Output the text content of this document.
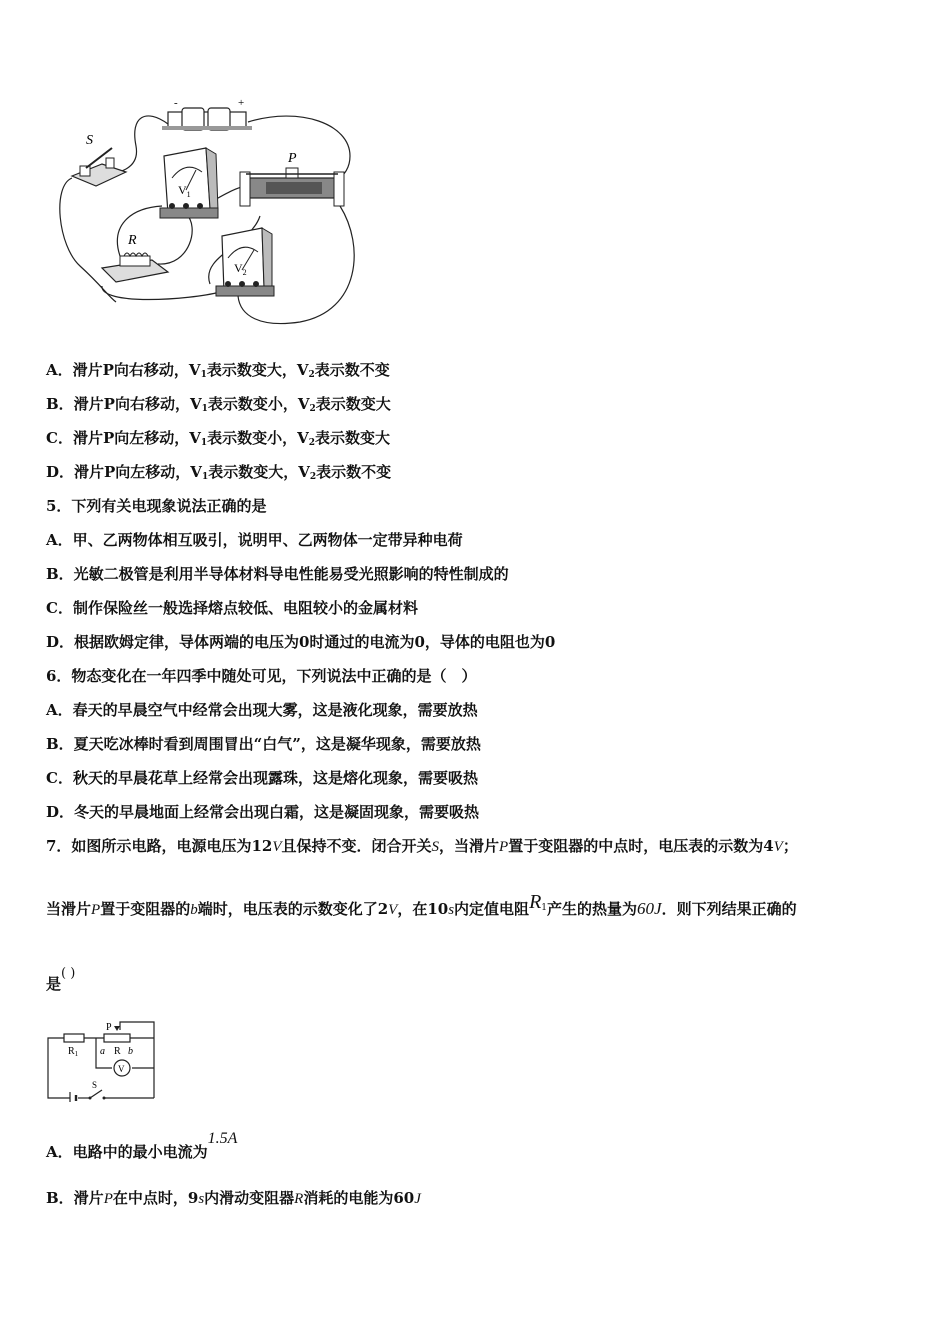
-	+
S
$V_1$
P
R
$V_2$
A．滑片P向右移动，$V_1$表示数变大，$V_2$表示数不变
B．滑片P向右移动，$V_1$表示数变小，$V_2$表示数变大
C．滑片P向左移动，$V_1$表示数变小，$V_2$表示数变大
D．滑片P向左移动，$V_1$表示数变大，$V_2$表示数不变
5．下列有关电现象说法正确的是
A．甲、乙两物体相互吸引，说明甲、乙两物体一定带异种电荷
B．光敏二极管是利用半导体材料导电性能易受光照影响的特性制成的
C．制作保险丝一般选择熔点较低、电阻较小的金属材料
D．根据欧姆定律，导体两端的电压为0时通过的电流为0，导体的电阻也为0
6．物态变化在一年四季中随处可见，下列说法中正确的是（　）
A．春天的早晨空气中经常会出现大雾，这是液化现象，需要放热
B．夏天吃冰棒时看到周围冒出“白气”，这是凝华现象，需要放热
C．秋天的早晨花草上经常会出现露珠，这是熔化现象，需要吸热
D．冬天的早晨地面上经常会出现白霜，这是凝固现象，需要吸热
7．如图所示电路，电源电压为12V且保持不变．闭合开关S，当滑片P置于变阻器的中点时，电压表的示数为4V；
当滑片P置于变阻器的b端时，电压表的示数变化了2V，在10s内定值电阻$R^1$产生的热量为60J．则下列结果正确的
是( )
$R_1$
P
a R b
V
S
A．电路中的最小电流为1.5A
B．滑片P在中点时，9s内滑动变阻器R消耗的电能为60J
